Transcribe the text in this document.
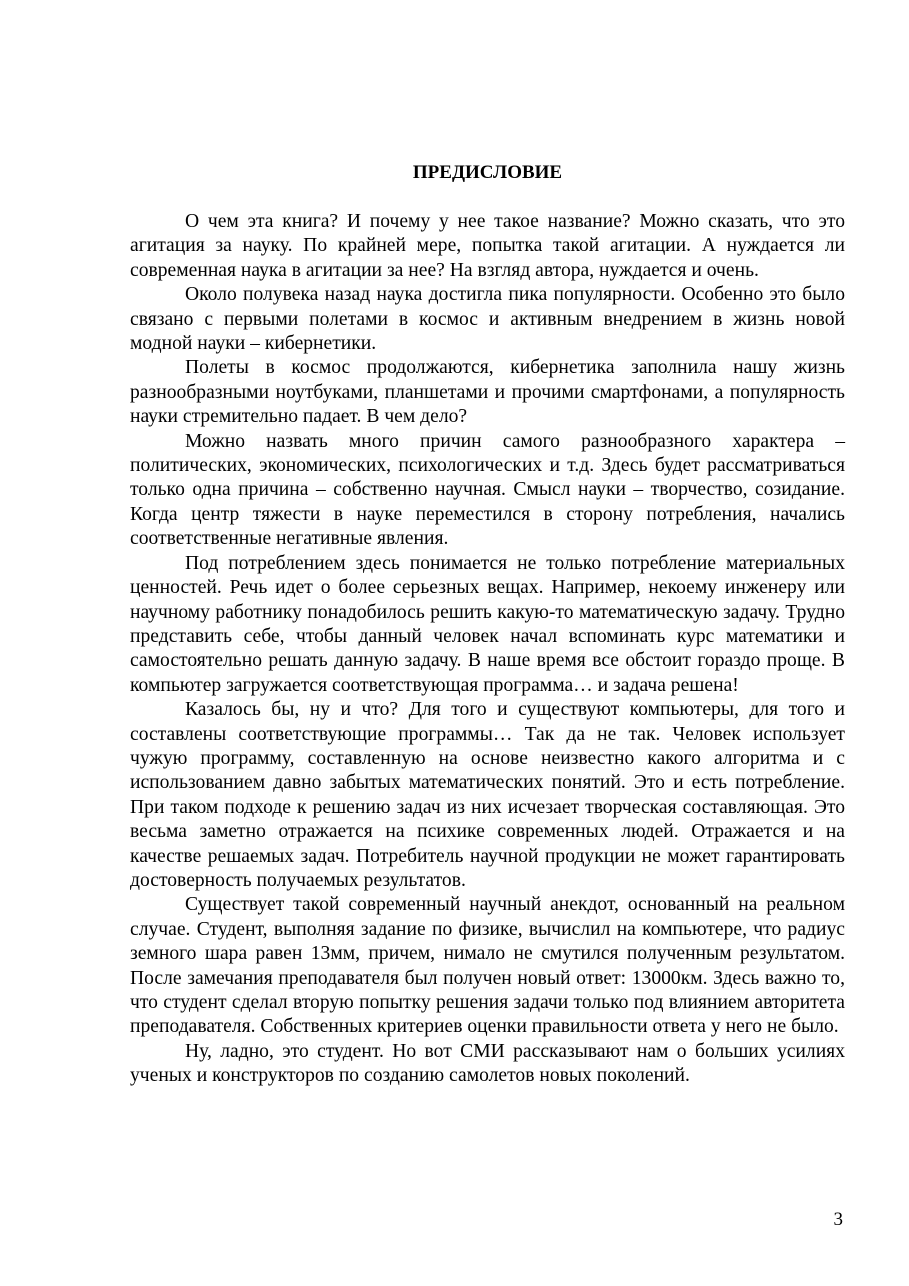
ПРЕДИСЛОВИЕ

О чем эта книга? И почему у нее такое название? Можно сказать, что это агитация за науку. По крайней мере, попытка такой агитации. А нуждается ли современная наука в агитации за нее? На взгляд автора, нуждается и очень.

Около полувека назад наука достигла пика популярности. Особенно это было связано с первыми полетами в космос и активным внедрением в жизнь новой модной науки – кибернетики.

Полеты в космос продолжаются, кибернетика заполнила нашу жизнь разнообразными ноутбуками, планшетами и прочими смартфонами, а популярность науки стремительно падает. В чем дело?

Можно назвать много причин самого разнообразного характера – политических, экономических, психологических и т.д. Здесь будет рассматриваться только одна причина – собственно научная. Смысл науки – творчество, созидание. Когда центр тяжести в науке переместился в сторону потребления, начались соответственные негативные явления.

Под потреблением здесь понимается не только потребление материальных ценностей. Речь идет о более серьезных вещах. Например, некоему инженеру или научному работнику понадобилось решить какую-то математическую задачу. Трудно представить себе, чтобы данный человек начал вспоминать курс математики и самостоятельно решать данную задачу. В наше время все обстоит гораздо проще. В компьютер загружается соответствующая программа… и задача решена!

Казалось бы, ну и что? Для того и существуют компьютеры, для того и составлены соответствующие программы… Так да не так. Человек использует чужую программу, составленную на основе неизвестно какого алгоритма и с использованием давно забытых математических понятий. Это и есть потребление. При таком подходе к решению задач из них исчезает творческая составляющая. Это весьма заметно отражается на психике современных людей. Отражается и на качестве решаемых задач. Потребитель научной продукции не может гарантировать достоверность получаемых результатов.

Существует такой современный научный анекдот, основанный на реальном случае. Студент, выполняя задание по физике, вычислил на компьютере, что радиус земного шара равен 13мм, причем, нимало не смутился полученным результатом. После замечания преподавателя был получен новый ответ: 13000км. Здесь важно то, что студент сделал вторую попытку решения задачи только под влиянием авторитета преподавателя. Собственных критериев оценки правильности ответа у него не было.

Ну, ладно, это студент. Но вот СМИ рассказывают нам о больших усилиях ученых и конструкторов по созданию самолетов новых поколений.

3
